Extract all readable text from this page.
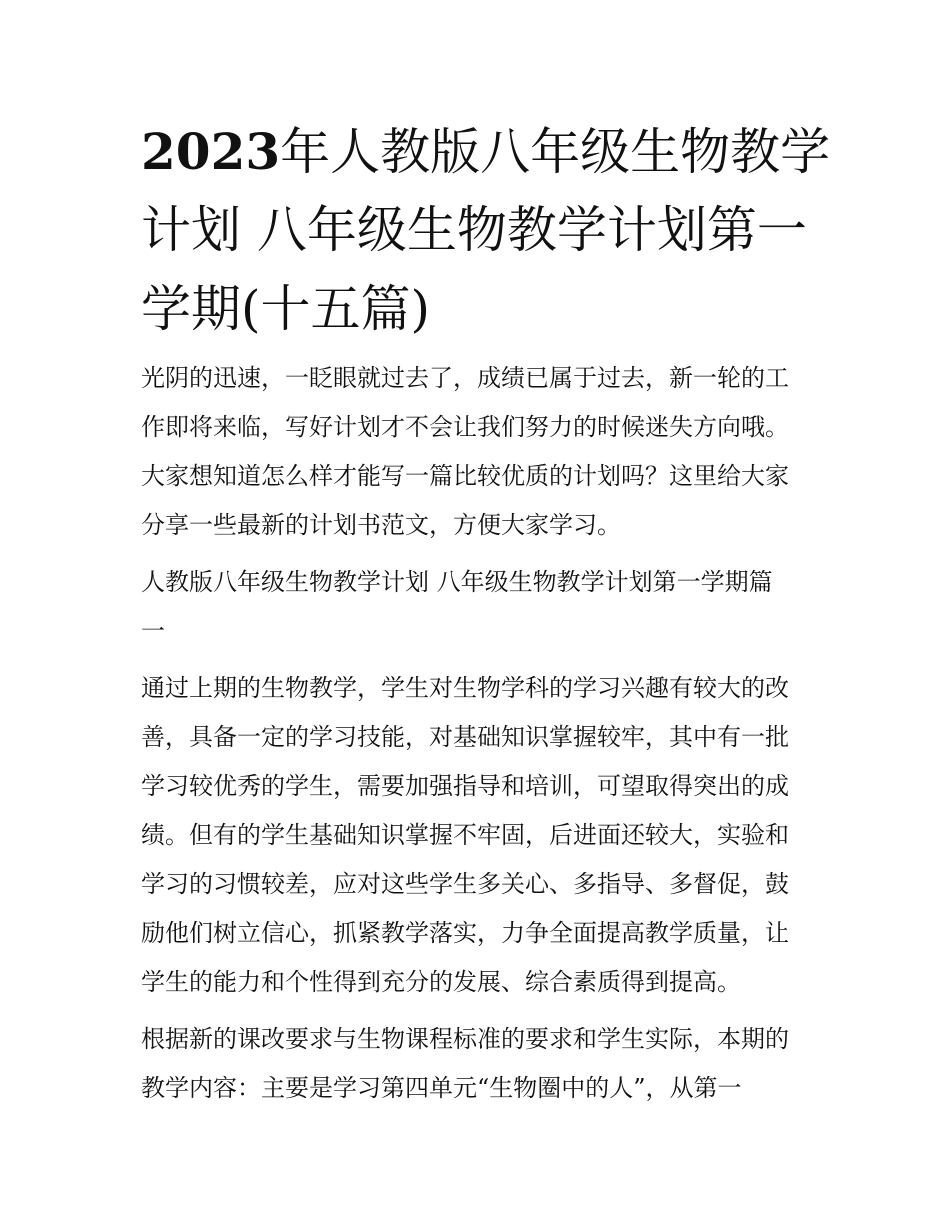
2023年人教版八年级生物教学
计划 八年级生物教学计划第一
学期(十五篇)

光阴的迅速，一眨眼就过去了，成绩已属于过去，新一轮的工
作即将来临，写好计划才不会让我们努力的时候迷失方向哦。
大家想知道怎么样才能写一篇比较优质的计划吗？这里给大家
分享一些最新的计划书范文，方便大家学习。

人教版八年级生物教学计划 八年级生物教学计划第一学期篇
一

通过上期的生物教学，学生对生物学科的学习兴趣有较大的改
善，具备一定的学习技能，对基础知识掌握较牢，其中有一批
学习较优秀的学生，需要加强指导和培训，可望取得突出的成
绩。但有的学生基础知识掌握不牢固，后进面还较大，实验和
学习的习惯较差，应对这些学生多关心、多指导、多督促，鼓
励他们树立信心，抓紧教学落实，力争全面提高教学质量，让
学生的能力和个性得到充分的发展、综合素质得到提高。

根据新的课改要求与生物课程标准的要求和学生实际，本期的
教学内容：主要是学习第四单元“生物圈中的人”，从第一
